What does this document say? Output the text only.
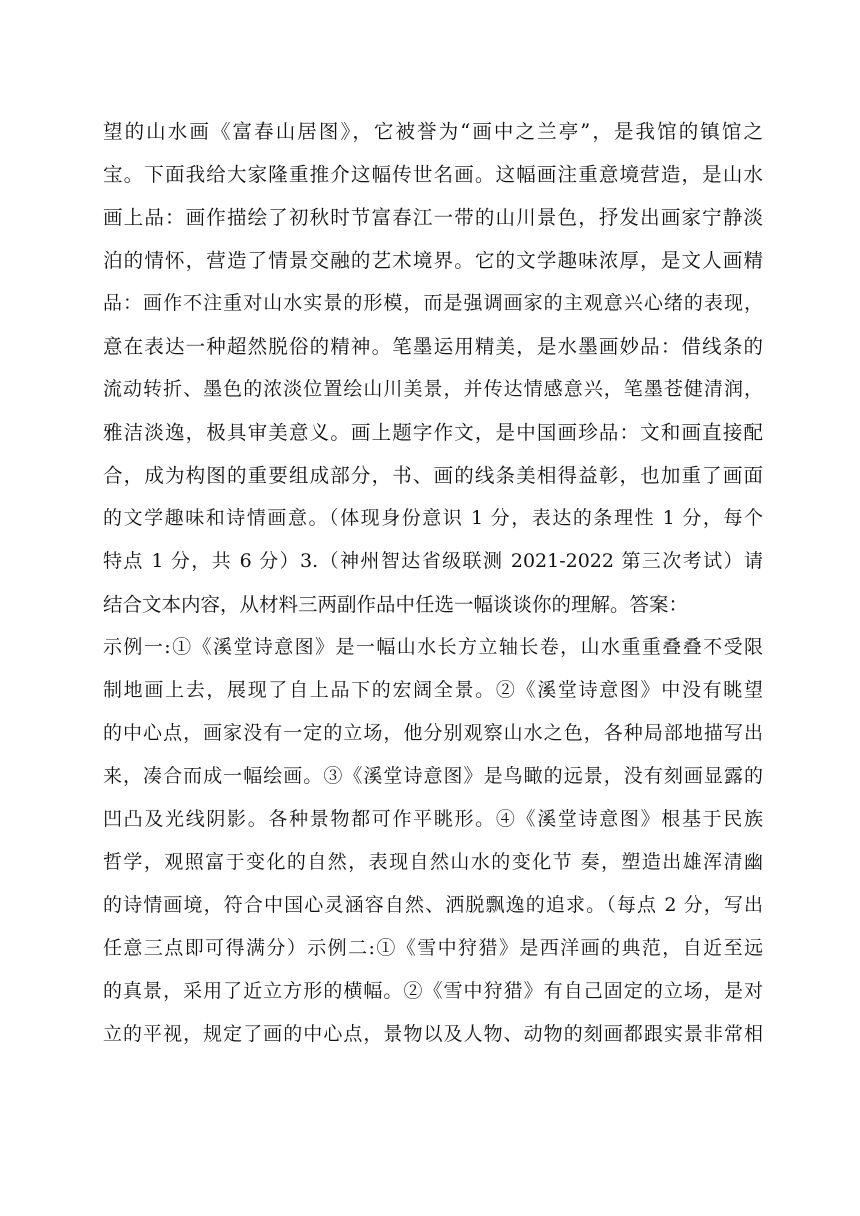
望的山水画《富春山居图》，它被誉为“画中之兰亭”，是我馆的镇馆之
宝。下面我给大家隆重推介这幅传世名画。这幅画注重意境营造，是山水
画上品：画作描绘了初秋时节富春江一带的山川景色，抒发出画家宁静淡
泊的情怀，营造了情景交融的艺术境界。它的文学趣味浓厚，是文人画精
品：画作不注重对山水实景的形模，而是强调画家的主观意兴心绪的表现，
意在表达一种超然脱俗的精神。笔墨运用精美，是水墨画妙品：借线条的
流动转折、墨色的浓淡位置绘山川美景，并传达情感意兴，笔墨苍健清润，
雅洁淡逸，极具审美意义。画上题字作文，是中国画珍品：文和画直接配
合，成为构图的重要组成部分，书、画的线条美相得益彰，也加重了画面
的文学趣味和诗情画意。（体现身份意识 1 分，表达的条理性 1 分，每个
特点 1 分，共 6 分）3.（神州智达省级联测 2021-2022 第三次考试）请
结合文本内容，从材料三两副作品中任选一幅谈谈你的理解。答案：
示例一:①《溪堂诗意图》是一幅山水长方立轴长卷，山水重重叠叠不受限
制地画上去，展现了自上品下的宏阔全景。②《溪堂诗意图》中没有眺望
的中心点，画家没有一定的立场，他分别观察山水之色，各种局部地描写出
来，凑合而成一幅绘画。③《溪堂诗意图》是鸟瞰的远景，没有刻画显露的
凹凸及光线阴影。各种景物都可作平眺形。④《溪堂诗意图》根基于民族
哲学，观照富于变化的自然，表现自然山水的变化节 奏，塑造出雄浑清幽
的诗情画境，符合中国心灵涵容自然、洒脱飘逸的追求。（每点 2 分，写出
任意三点即可得满分）示例二:①《雪中狩猎》是西洋画的典范，自近至远
的真景，采用了近立方形的横幅。②《雪中狩猎》有自己固定的立场，是对
立的平视，规定了画的中心点，景物以及人物、动物的刻画都跟实景非常相
